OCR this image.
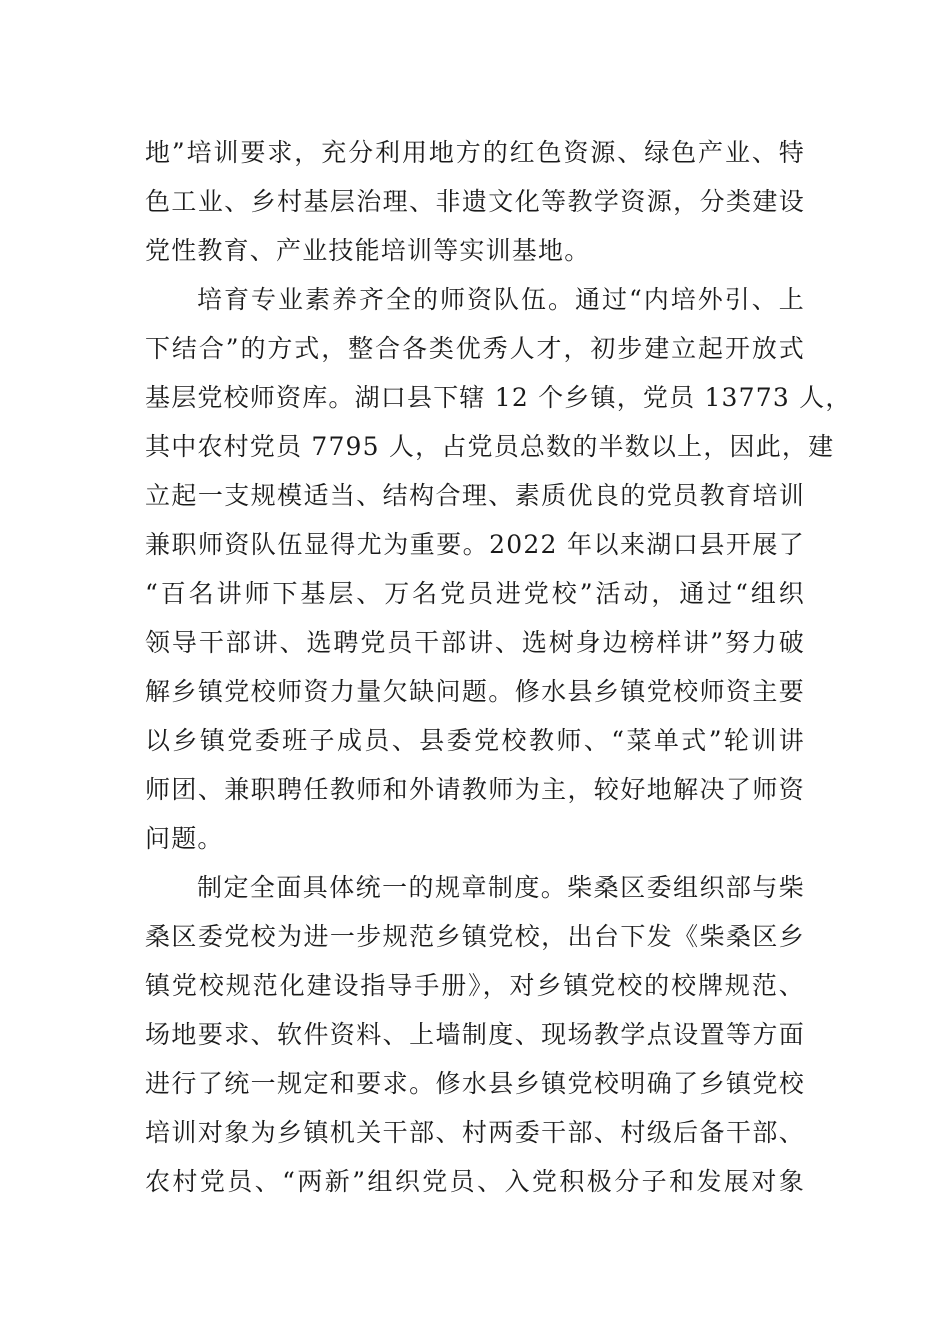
地”培训要求，充分利用地方的红色资源、绿色产业、特
色工业、乡村基层治理、非遗文化等教学资源，分类建设
党性教育、产业技能培训等实训基地。
培育专业素养齐全的师资队伍。通过“内培外引、上
下结合”的方式，整合各类优秀人才，初步建立起开放式
基层党校师资库。湖口县下辖 12 个乡镇，党员 13773 人，
其中农村党员 7795 人，占党员总数的半数以上，因此，建
立起一支规模适当、结构合理、素质优良的党员教育培训
兼职师资队伍显得尤为重要。2022 年以来湖口县开展了
“百名讲师下基层、万名党员进党校”活动，通过“组织
领导干部讲、选聘党员干部讲、选树身边榜样讲”努力破
解乡镇党校师资力量欠缺问题。修水县乡镇党校师资主要
以乡镇党委班子成员、县委党校教师、“菜单式”轮训讲
师团、兼职聘任教师和外请教师为主，较好地解决了师资
问题。
制定全面具体统一的规章制度。柴桑区委组织部与柴
桑区委党校为进一步规范乡镇党校，出台下发《柴桑区乡
镇党校规范化建设指导手册》，对乡镇党校的校牌规范、
场地要求、软件资料、上墙制度、现场教学点设置等方面
进行了统一规定和要求。修水县乡镇党校明确了乡镇党校
培训对象为乡镇机关干部、村两委干部、村级后备干部、
农村党员、“两新”组织党员、入党积极分子和发展对象
